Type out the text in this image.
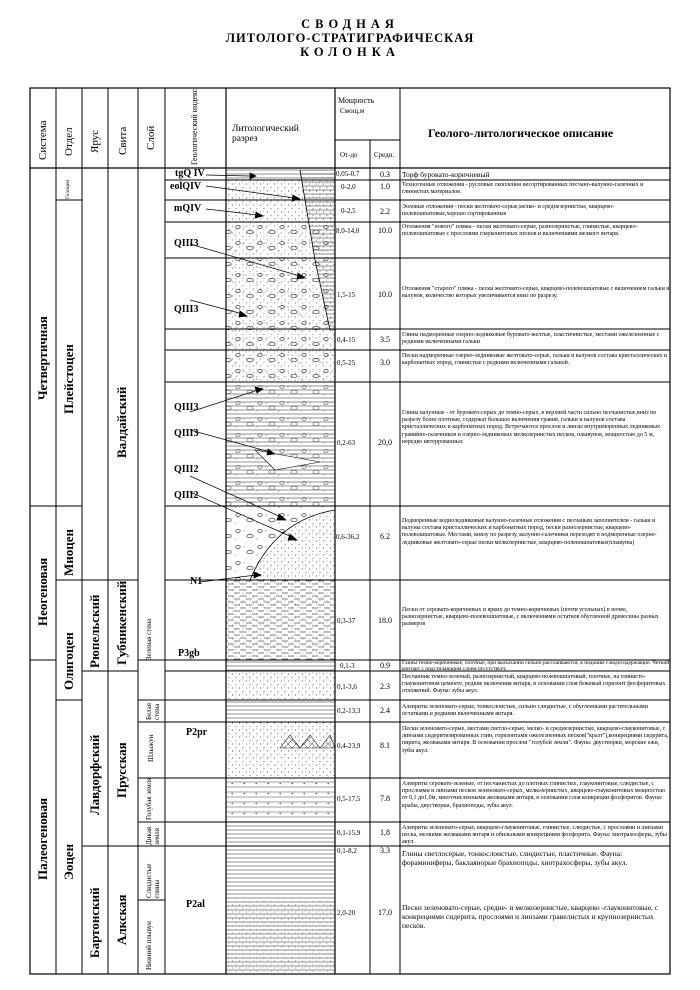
СВОДНАЯ
ЛИТОЛОГО-СТРАТИГРАФИЧЕСКАЯ
КОЛОНКА
Система Отдел Ярус Свита Слой	Геологический индекс	Литологический разрез
Мощность
Смощ,м
От-до Средн.
Геолого-литологическое описание
Четвертичная
Неогеновая
Палеогеновая
Голоцен
Плейстоцен
Миоцен
Олигоцен
Эоцен
Рюпельский
Лавдорфский
Бартонский
Валдайский
Губникенский
Прусская
Алкская
Зеленая стена
Белая стена
Шлыжун
Голубая земля
Дикая земля
Слюдистые глины
Нижний плывун
tgQ IV
eolQIV
mQIV
QIII3
QIII3
QIII3
QIII3
QIII2
QIII2
N1
P3gb
P2pr
P2al
0,05-0,7
0-2,0
0-2,5
8,0-14,0
1,5-15
0,4-15
0,5-25
0,2-63
0,6-36,2
0,3-37
0,1-3
0,1-3,6
0,2-13,3
0,4-23,9
0,5-17,5
0,1-15,9
0,1-8,2
2,0-20
0.3
1.0
2.2
10.0
10.0
3.5
3.0
20,0
6.2
18.0
0.9
2.3
2.4
8.1
7.8
1,8
3.3
17.0
Торф буровато-коричневый
Техногенные отложения - русловые скопления несортированных песчано-валунно-галечных и глинистых материалов.
Эоловые отложения - пески желтовато-серые,мелко- и среднезернистые, кварцево-полевошпатовые,хорошо сортированные
Отложения "нового" пляжа - пески желтовато-серые, разнозернистые, глинистые, кварцево-полевошпатовые с прослоями глауконитовых песков и включениями мелкого янтаря.
Отложения "старого" пляжа - пески желтовато-серые, кварцево-полевошпатовые с включением гальки и валунов, количество которых увеличивается вниз по разрезу.
Глины надморенные озерно-ледниковые буровато-желтые, пластичнистые, местами ожелезненные с редкими включенными гальки
Пески надморенные озерно-ледниковые желтовато-серые, гальки и валунов состава кристаллических и карбонатных пород, глинистые с редкими включенными галькой.
Глины валунные - от буровато-серых до темно-серых, в верхней части сильно песчанистые,вниз по разрезу более плотные, содержат большое включения гравия, гальки и валунов состава кристаллических и карбонатных пород. Встречаются прослои и линзы внутриморенных ледниковых гравийно-галечников и озерно-ледниковых мелкозернистых песков, плывунов, мощностью до 5 м, нередко иктеррованных
Подморенные водноледниковые валунно-галечные отложения с песчаным заполнителем - гальки и валуны состава кристаллических и карбонатных пород, пески разнозернистые, кварцево-полевошпатовые. Местами, книзу по разрезу, валунно-галечники переходят в подморенные озерно-ледниковые желтовато-серые пески мелкозернистые, кварцево-полевошпатовые(плывуны)
Пески от серовато-коричневых и ярких до темно-коричневых (почти угольных) в почве, разнозернистые, кварцево-полевошпатовые, с включениями остатков обугленной древесины разных размеров
Глины темно-коричневые, плотные, при высыхании сильно расслаиваются, в подошве слюдосодержащие. Четкий контакт с подстилающим слоем отсутствует.
Песчанник темно-зеленый, разнозернистый, кварцево-полевошпатовый, плотные, на глинисто-глауконитовом цементе, редкие включения янтаря, в основании слоя бежевый горизонт фосфоритовых отложений. Фауна: зубы акул.
Алевриты зеленовато-серые, тонкослоистые, сильно слюдистые, с обугленными растительными остатками и редкими включенными янтаря.
Пески зеленовато-серые, местами светло-серые, мелко- и среднезернистые, кварцево-глауконитовые, с линзами сидеритизированных глин, горизонтами ожелезненных песков("кразт"),конкрециями сидерита, пирита, желваками янтаря. В основании прослои "голубой земли". Фауна: двустворки, морские ежи, зубы акул.
Алевриты серовато-зеленые, от песчанистых до плотных глинистых, глауконитовые, слюдистые, с прослоями и линзами песков зеленовато-серых, мелкозернистых, кварцево-глауконитовых мощностью от 0,1 до1,0м, многочисленными желваками янтаря, в основании слоя конкреции фосфоритов. Фауна: крабы, двустворки, брахиоподы, зубы акул.
Алевриты зеленовато-серые, кварцево-глауконитовые, глинистые, слюдистые, с прослоями и линзами песка, мелкими желваками янтаря и обильными конкрециями фосфорита. Фауна: хиотрахосферы, зубы акул.
Глины светлосерые, тонкослоистые, слюдистые, пластичные. Фауна: фораминиферы, баклаянорые брахиоподы, хиотрахосферы, зубы акул.
Пески зеленовато-серые, средне- и мелкозернистые, кварцево -глауконитовые, с конкрециями сидерита, прослоями и линзами гравелистых и крупнозернистых песков.
